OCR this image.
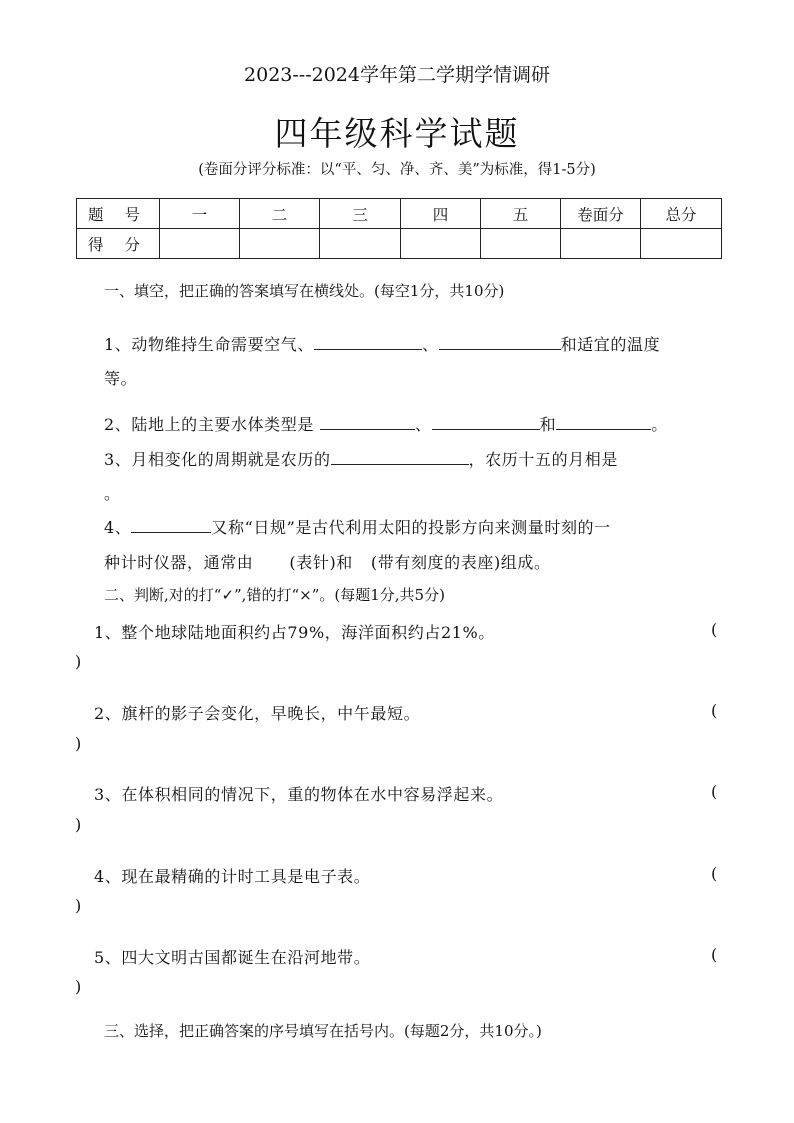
2023---2024学年第二学期学情调研
四年级科学试题
(卷面分评分标准：以“平、匀、净、齐、美”为标准，得1-5分)
题 号	一	二	三	四	五	卷面分	总分
得 分							
一、填空，把正确的答案填写在横线处。(每空1分，共10分)
1、动物维持生命需要空气、	、	和适宜的温度
等。
2、陆地上的主要水体类型是	、	和	。
3、月相变化的周期就是农历的	，农历十五的月相是
。
4、	又称“日规”是古代利用太阳的投影方向来测量时刻的一
种计时仪器，通常由 (表针)和 (带有刻度的表座)组成。
二、判断,对的打“✓”,错的打“×”。(每题1分,共5分)
1、整个地球陆地面积约占79%，海洋面积约占21%。	(
)
2、旗杆的影子会变化，早晚长，中午最短。	(
)
3、在体积相同的情况下，重的物体在水中容易浮起来。	(
)
4、现在最精确的计时工具是电子表。	(
)
5、四大文明古国都诞生在沿河地带。	(
)
三、选择，把正确答案的序号填写在括号内。(每题2分，共10分。)
